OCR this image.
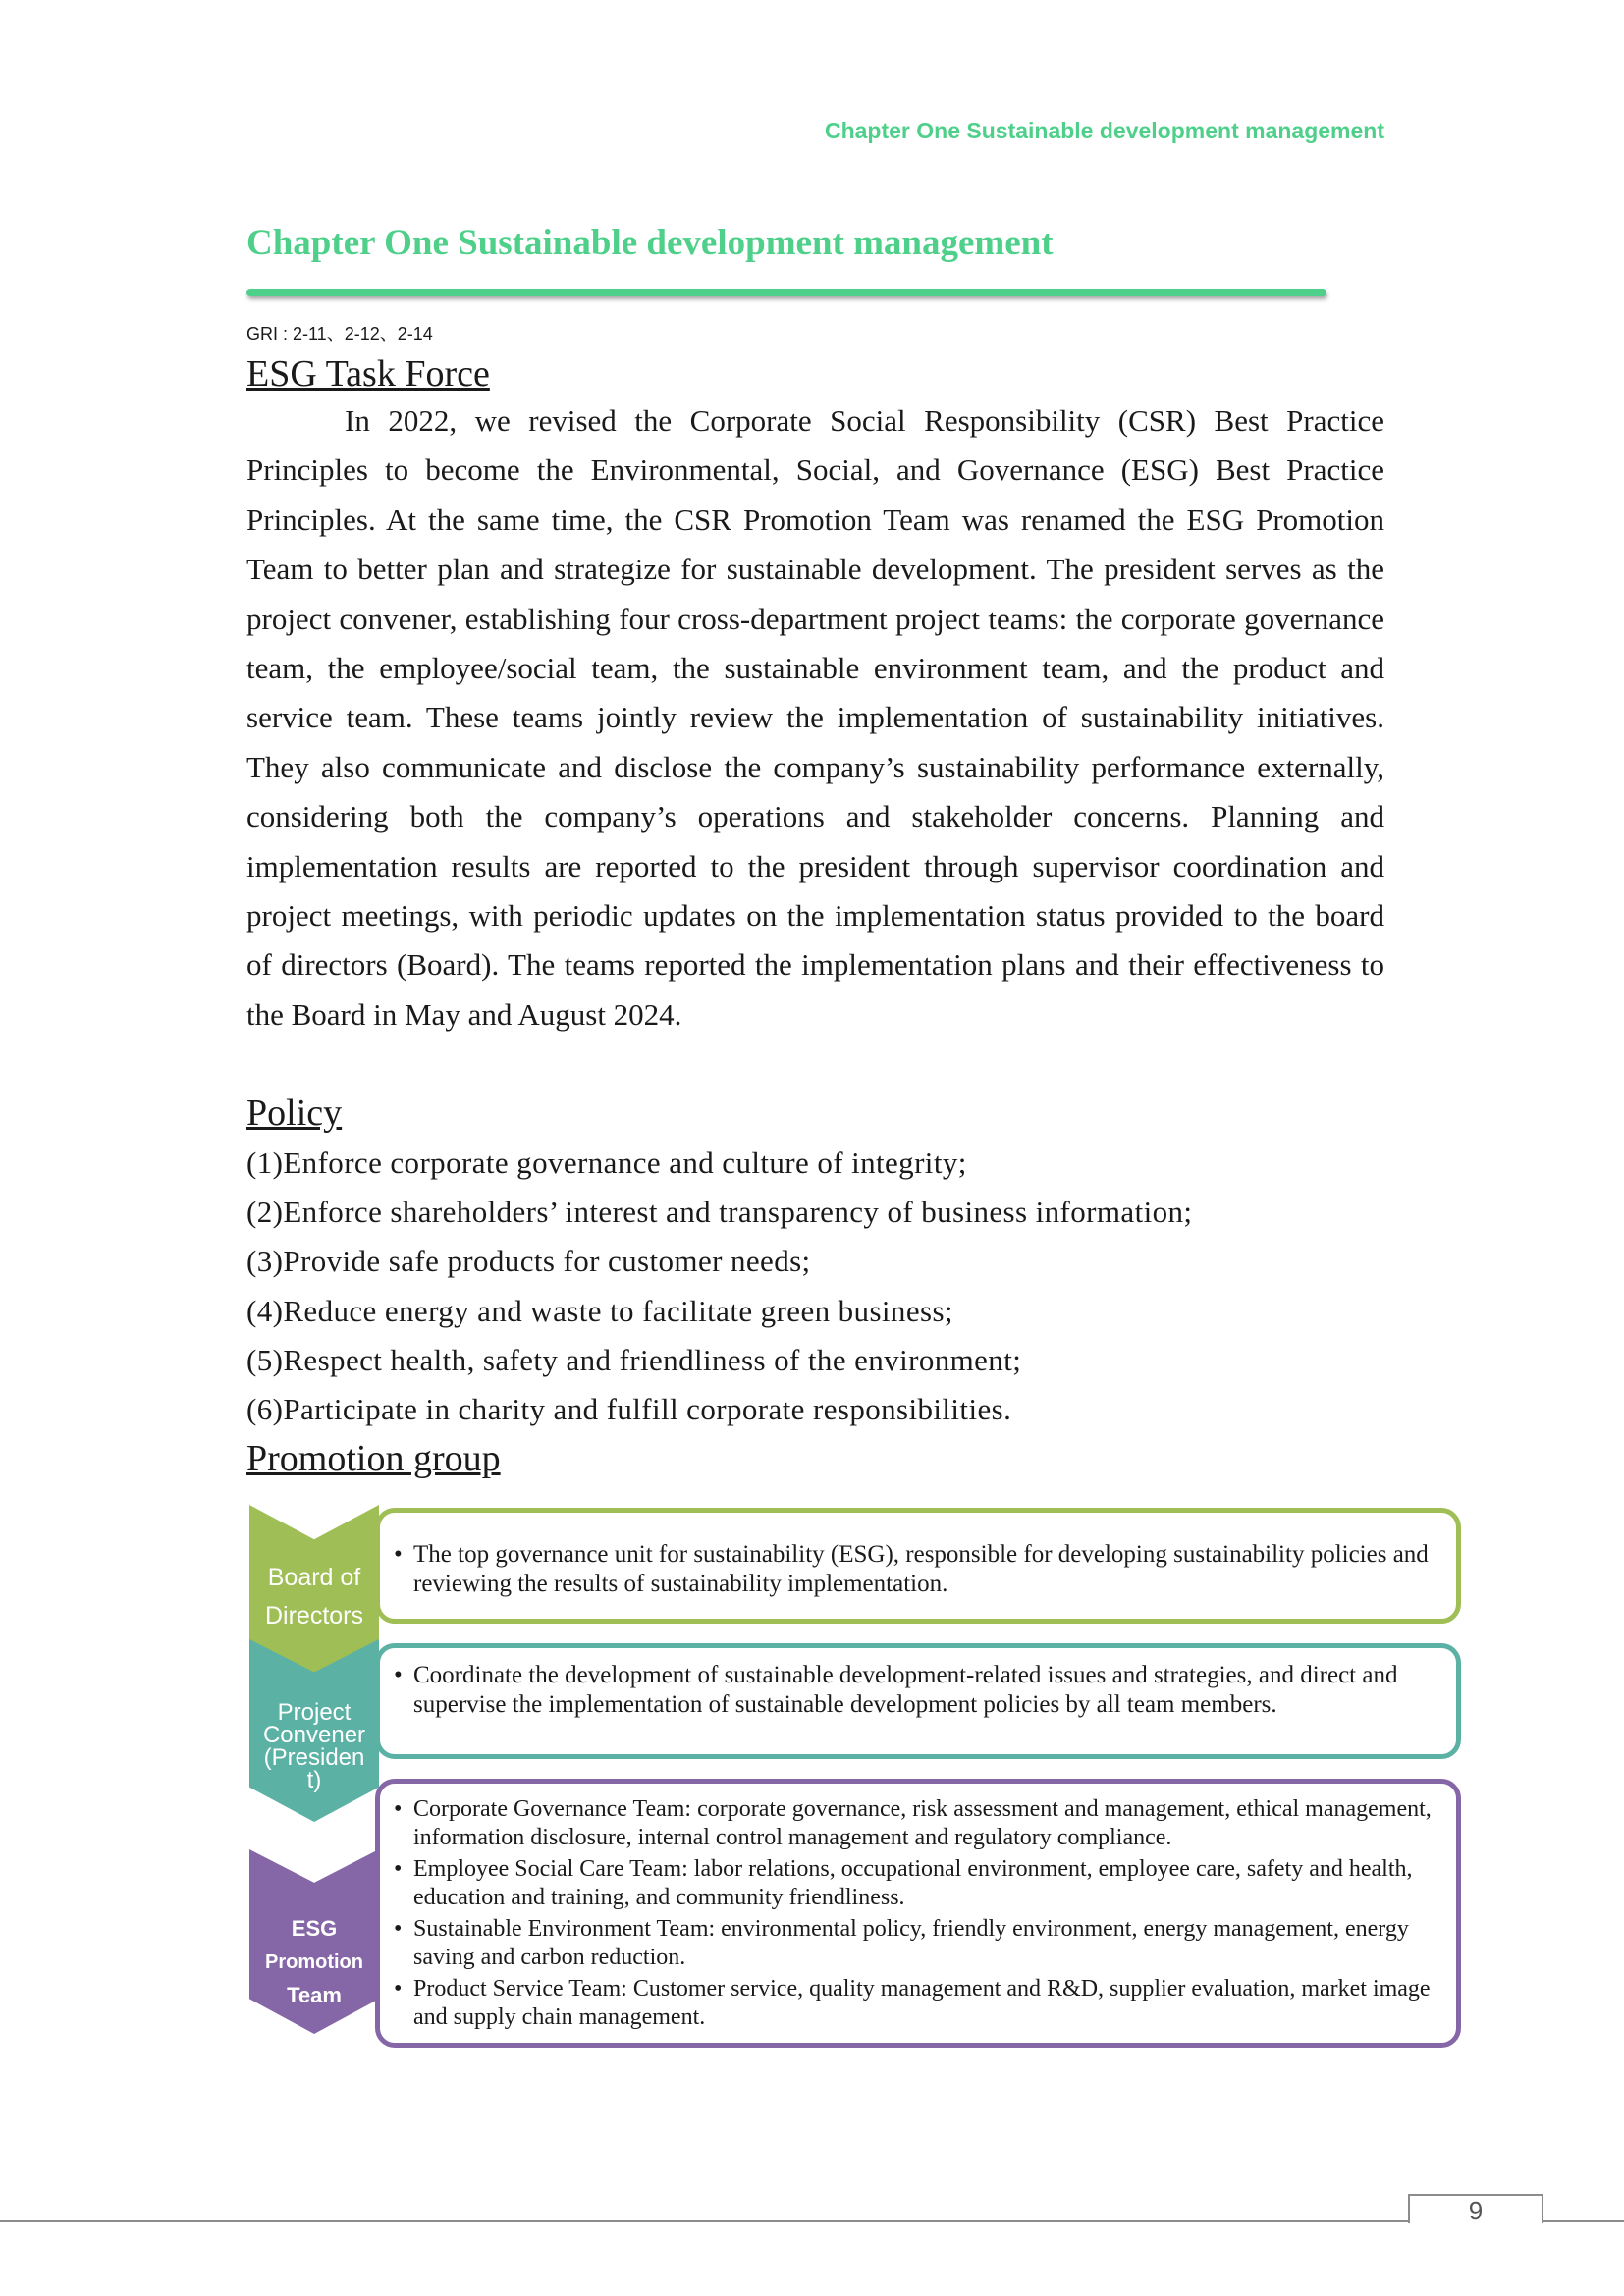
Chapter One Sustainable development management
Chapter One Sustainable development management
GRI : 2-11、2-12、2-14
ESG Task Force

In 2022, we revised the Corporate Social Responsibility (CSR) Best Practice Principles to become the Environmental, Social, and Governance (ESG) Best Practice Principles. At the same time, the CSR Promotion Team was renamed the ESG Promotion Team to better plan and strategize for sustainable development. The president serves as the project convener, establishing four cross-department project teams: the corporate governance team, the employee/social team, the sustainable environment team, and the product and service team. These teams jointly review the implementation of sustainability initiatives. They also communicate and disclose the company’s sustainability performance externally, considering both the company’s operations and stakeholder concerns. Planning and implementation results are reported to the president through supervisor coordination and project meetings, with periodic updates on the implementation status provided to the board of directors (Board). The teams reported the implementation plans and their effectiveness to the Board in May and August 2024.

Policy
(1)Enforce corporate governance and culture of integrity;
(2)Enforce shareholders’ interest and transparency of business information;
(3)Provide safe products for customer needs;
(4)Reduce energy and waste to facilitate green business;
(5)Respect health, safety and friendliness of the environment;
(6)Participate in charity and fulfill corporate responsibilities.
Promotion group
• The top governance unit for sustainability (ESG), responsible for developing sustainability policies and reviewing the results of sustainability implementation.
Board of
Directors
• Coordinate the development of sustainable development-related issues and strategies, and direct and supervise the implementation of sustainable development policies by all team members.
Project
Convener
(Presiden
t)
• Corporate Governance Team: corporate governance, risk assessment and management, ethical management, information disclosure, internal control management and regulatory compliance.
• Employee Social Care Team: labor relations, occupational environment, employee care, safety and health, education and training, and community friendliness.
• Sustainable Environment Team: environmental policy, friendly environment, energy management, energy saving and carbon reduction.
• Product Service Team: Customer service, quality management and R&D, supplier evaluation, market image and supply chain management.
ESG
Promotion
Team
9
